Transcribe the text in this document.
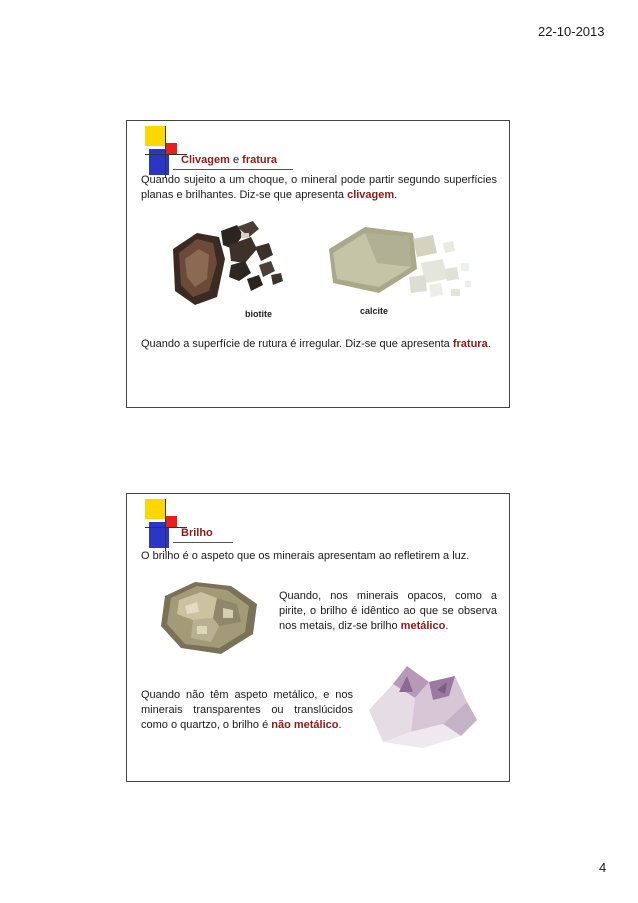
22-10-2013
Clivagem e fratura
Quando sujeito a um choque, o mineral pode partir segundo superfícies planas e brilhantes. Diz-se que apresenta clivagem.
biotite	calcite
Quando a superfície de rutura é irregular. Diz-se que apresenta fratura.
Brilho
O brilho é o aspeto que os minerais apresentam ao refletirem a luz.
Quando, nos minerais opacos, como a pirite, o brilho é idêntico ao que se observa nos metais, diz-se brilho metálico.
Quando não têm aspeto metálico, e nos minerais transparentes ou translúcidos como o quartzo, o brilho é não metálico.
4
